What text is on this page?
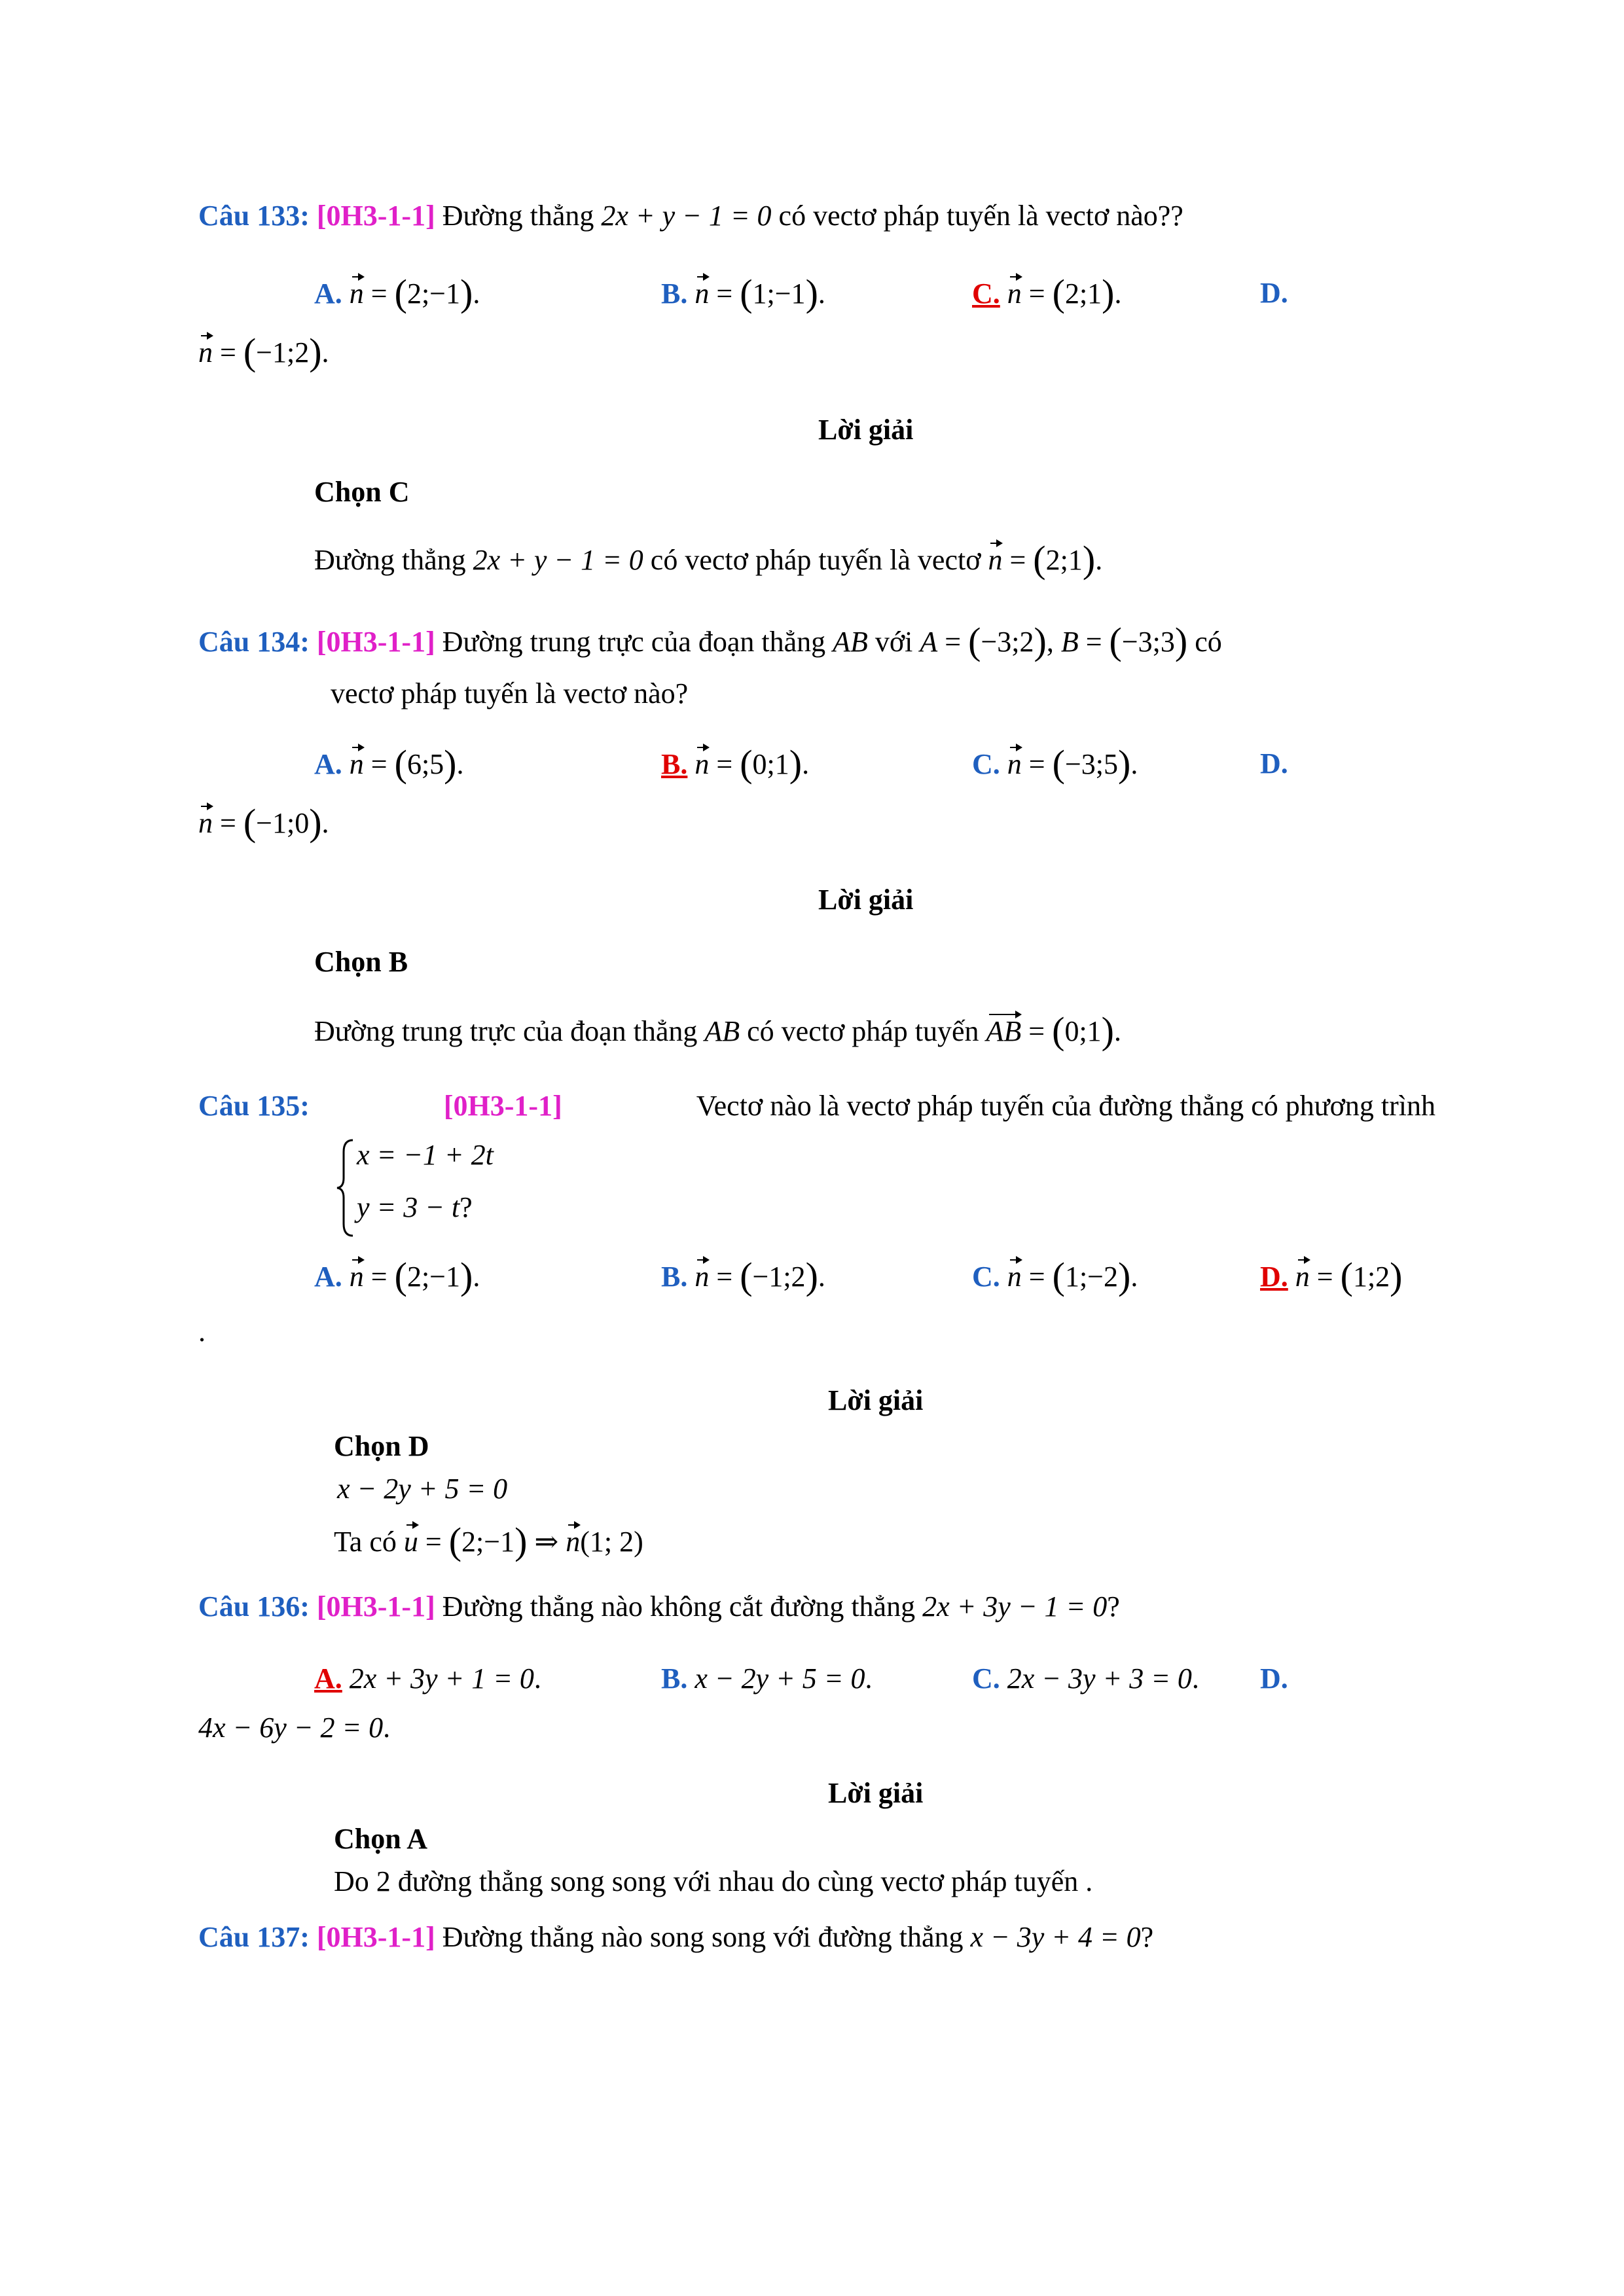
Câu 133: [0H3-1-1] Đường thẳng 2x + y − 1 = 0 có vectơ pháp tuyến là vectơ nào??
A. n = (2;−1).	B. n = (1;−1).	C. n = (2;1).	D.
n = (−1;2).
Lời giải
Chọn C
Đường thẳng 2x + y − 1 = 0 có vectơ pháp tuyến là vectơ n = (2;1).
Câu 134: [0H3-1-1] Đường trung trực của đoạn thẳng AB với A = (−3;2), B = (−3;3) có
vectơ pháp tuyến là vectơ nào?
A. n = (6;5).	B. n = (0;1).	C. n = (−3;5).	D.
n = (−1;0).
Lời giải
Chọn B
Đường trung trực của đoạn thẳng AB có vectơ pháp tuyến AB = (0;1).
Câu 135:	[0H3-1-1]	Vectơ nào là vectơ pháp tuyến của đường thẳng có phương trình
x = −1 + 2t
y = 3 − t?
A. n = (2;−1).	B. n = (−1;2).	C. n = (1;−2).	D. n = (1;2)
.
Lời giải
Chọn D
x − 2y + 5 = 0
Ta có u = (2;−1) ⇒ n(1; 2)
Câu 136: [0H3-1-1] Đường thẳng nào không cắt đường thẳng 2x + 3y − 1 = 0?
A. 2x + 3y + 1 = 0.	B. x − 2y + 5 = 0.	C. 2x − 3y + 3 = 0. D.
4x − 6y − 2 = 0.
Lời giải
Chọn A
Do 2 đường thẳng song song với nhau do cùng vectơ pháp tuyến .
Câu 137: [0H3-1-1] Đường thẳng nào song song với đường thẳng x − 3y + 4 = 0?
